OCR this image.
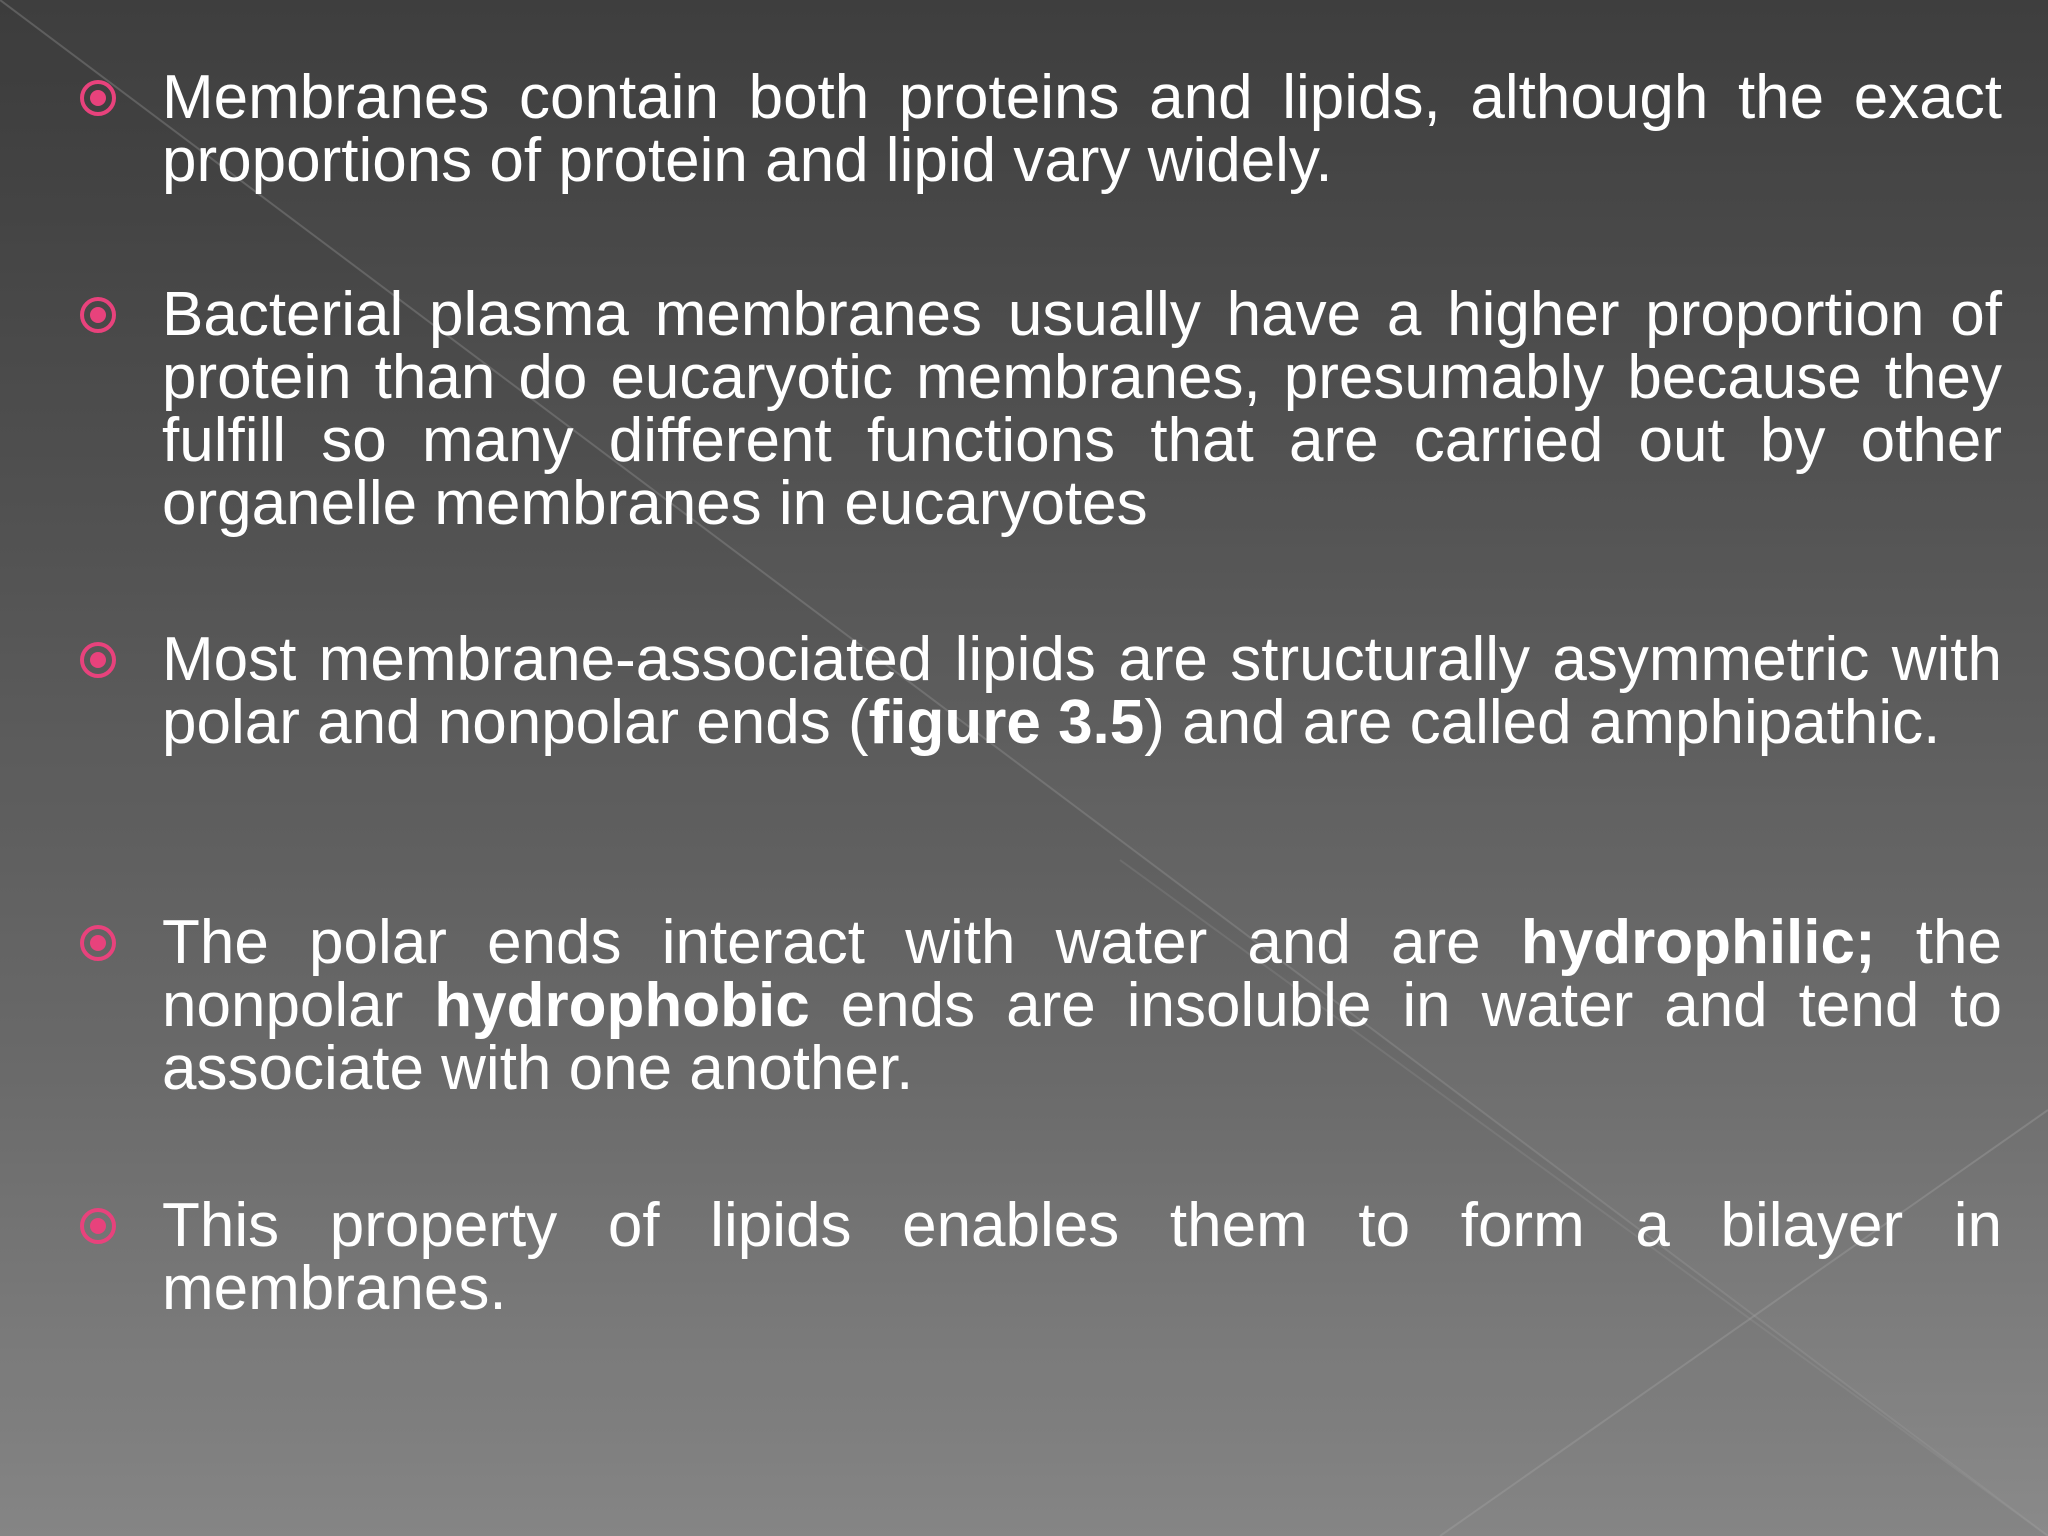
Membranes contain both proteins and lipids, although the exact proportions of protein and lipid vary widely.

Bacterial plasma membranes usually have a higher proportion of protein than do eucaryotic membranes, presumably because they fulfill so many different functions that are carried out by other organelle membranes in eucaryotes

Most membrane-associated lipids are structurally asymmetric with polar and nonpolar ends (figure 3.5) and are called amphipathic.

The polar ends interact with water and are hydrophilic; the nonpolar hydrophobic ends are insoluble in water and tend to associate with one another.

This property of lipids enables them to form a bilayer in membranes.
